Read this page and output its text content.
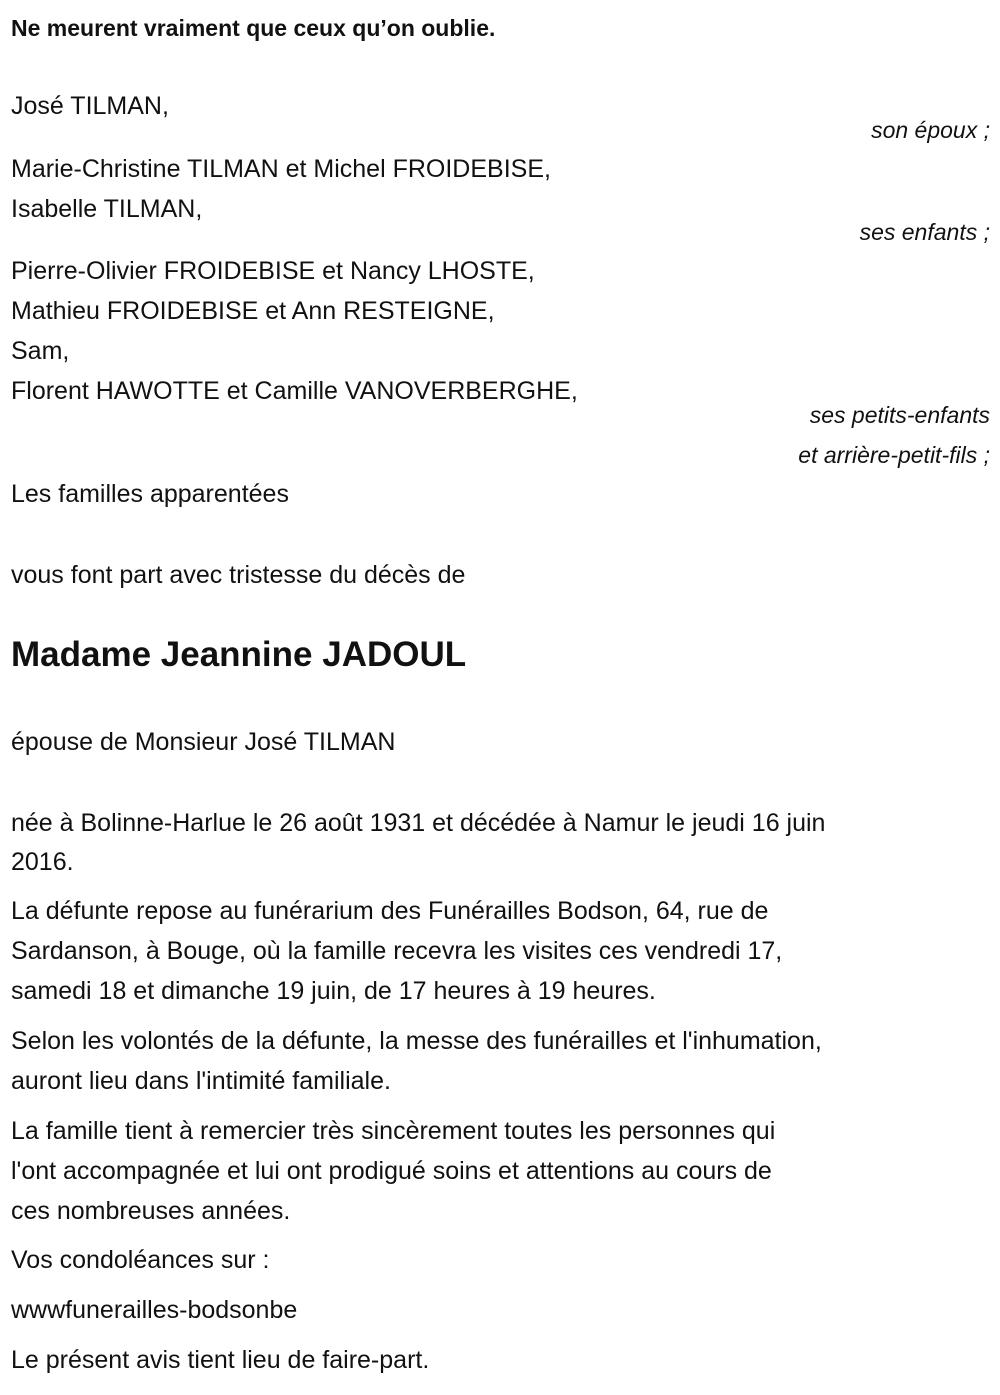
Ne meurent vraiment que ceux qu’on oublie.
José TILMAN,
son époux ;
Marie-Christine TILMAN et Michel FROIDEBISE,
Isabelle TILMAN,
ses enfants ;
Pierre-Olivier FROIDEBISE et Nancy LHOSTE,
Mathieu FROIDEBISE et Ann RESTEIGNE,
Sam,
Florent HAWOTTE et Camille VANOVERBERGHE,
ses petits-enfants
et arrière-petit-fils ;
Les familles apparentées
vous font part avec tristesse du décès de
Madame Jeannine JADOUL
épouse de Monsieur José TILMAN
née à Bolinne-Harlue le 26 août 1931 et décédée à Namur le jeudi 16 juin
2016.
La défunte repose au funérarium des Funérailles Bodson, 64, rue de
Sardanson, à Bouge, où la famille recevra les visites ces vendredi 17,
samedi 18 et dimanche 19 juin, de 17 heures à 19 heures.
Selon les volontés de la défunte, la messe des funérailles et l'inhumation,
auront lieu dans l'intimité familiale.
La famille tient à remercier très sincèrement toutes les personnes qui
l'ont accompagnée et lui ont prodigué soins et attentions au cours de
ces nombreuses années.
Vos condoléances sur :
wwwfunerailles-bodsonbe
Le présent avis tient lieu de faire-part.
